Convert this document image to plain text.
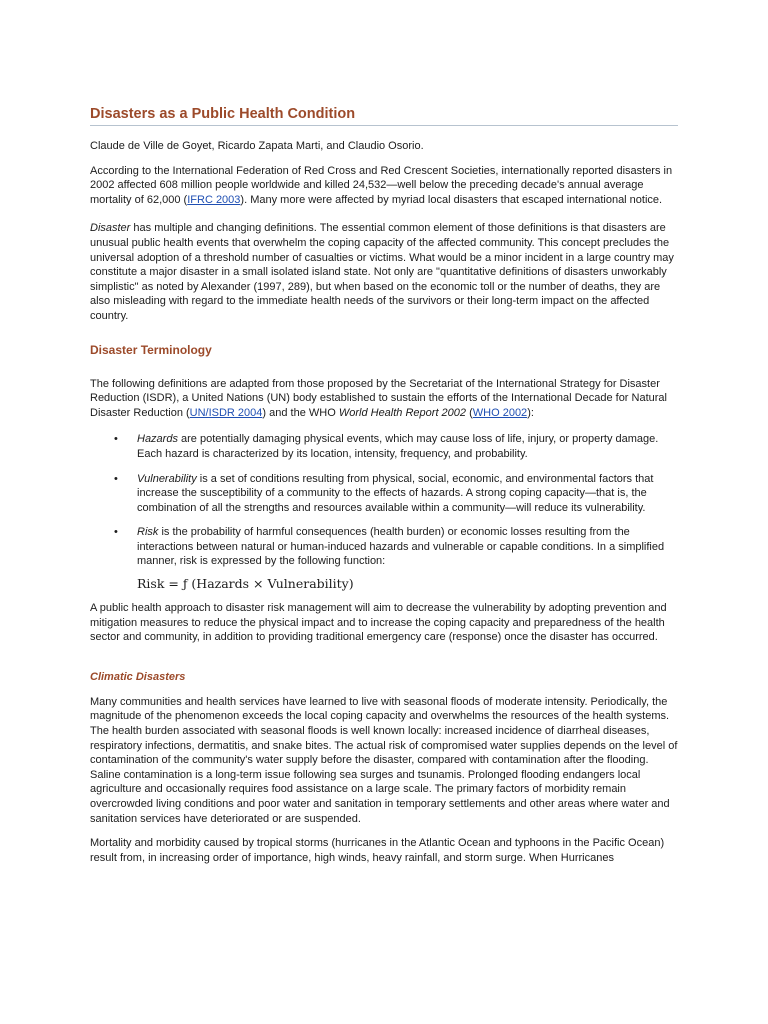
Disasters as a Public Health Condition

Claude de Ville de Goyet, Ricardo Zapata Marti, and Claudio Osorio.

According to the International Federation of Red Cross and Red Crescent Societies, internationally reported disasters in 2002 affected 608 million people worldwide and killed 24,532—well below the preceding decade's annual average mortality of 62,000 (IFRC 2003). Many more were affected by myriad local disasters that escaped international notice.

Disaster has multiple and changing definitions. The essential common element of those definitions is that disasters are unusual public health events that overwhelm the coping capacity of the affected community. This concept precludes the universal adoption of a threshold number of casualties or victims. What would be a minor incident in a large country may constitute a major disaster in a small isolated island state. Not only are "quantitative definitions of disasters unworkably simplistic" as noted by Alexander (1997, 289), but when based on the economic toll or the number of deaths, they are also misleading with regard to the immediate health needs of the survivors or their long-term impact on the affected country.

Disaster Terminology

The following definitions are adapted from those proposed by the Secretariat of the International Strategy for Disaster Reduction (ISDR), a United Nations (UN) body established to sustain the efforts of the International Decade for Natural Disaster Reduction (UN/ISDR 2004) and the WHO World Health Report 2002 (WHO 2002):

• Hazards are potentially damaging physical events, which may cause loss of life, injury, or property damage. Each hazard is characterized by its location, intensity, frequency, and probability.
• Vulnerability is a set of conditions resulting from physical, social, economic, and environmental factors that increase the susceptibility of a community to the effects of hazards. A strong coping capacity—that is, the combination of all the strengths and resources available within a community—will reduce its vulnerability.
• Risk is the probability of harmful consequences (health burden) or economic losses resulting from the interactions between natural or human-induced hazards and vulnerable or capable conditions. In a simplified manner, risk is expressed by the following function:
Risk = ƒ (Hazards × Vulnerability)

A public health approach to disaster risk management will aim to decrease the vulnerability by adopting prevention and mitigation measures to reduce the physical impact and to increase the coping capacity and preparedness of the health sector and community, in addition to providing traditional emergency care (response) once the disaster has occurred.

Climatic Disasters

Many communities and health services have learned to live with seasonal floods of moderate intensity. Periodically, the magnitude of the phenomenon exceeds the local coping capacity and overwhelms the resources of the health systems. The health burden associated with seasonal floods is well known locally: increased incidence of diarrheal diseases, respiratory infections, dermatitis, and snake bites. The actual risk of compromised water supplies depends on the level of contamination of the community's water supply before the disaster, compared with contamination after the flooding. Saline contamination is a long-term issue following sea surges and tsunamis. Prolonged flooding endangers local agriculture and occasionally requires food assistance on a large scale. The primary factors of morbidity remain overcrowded living conditions and poor water and sanitation in temporary settlements and other areas where water and sanitation services have deteriorated or are suspended.

Mortality and morbidity caused by tropical storms (hurricanes in the Atlantic Ocean and typhoons in the Pacific Ocean) result from, in increasing order of importance, high winds, heavy rainfall, and storm surge. When Hurricanes
